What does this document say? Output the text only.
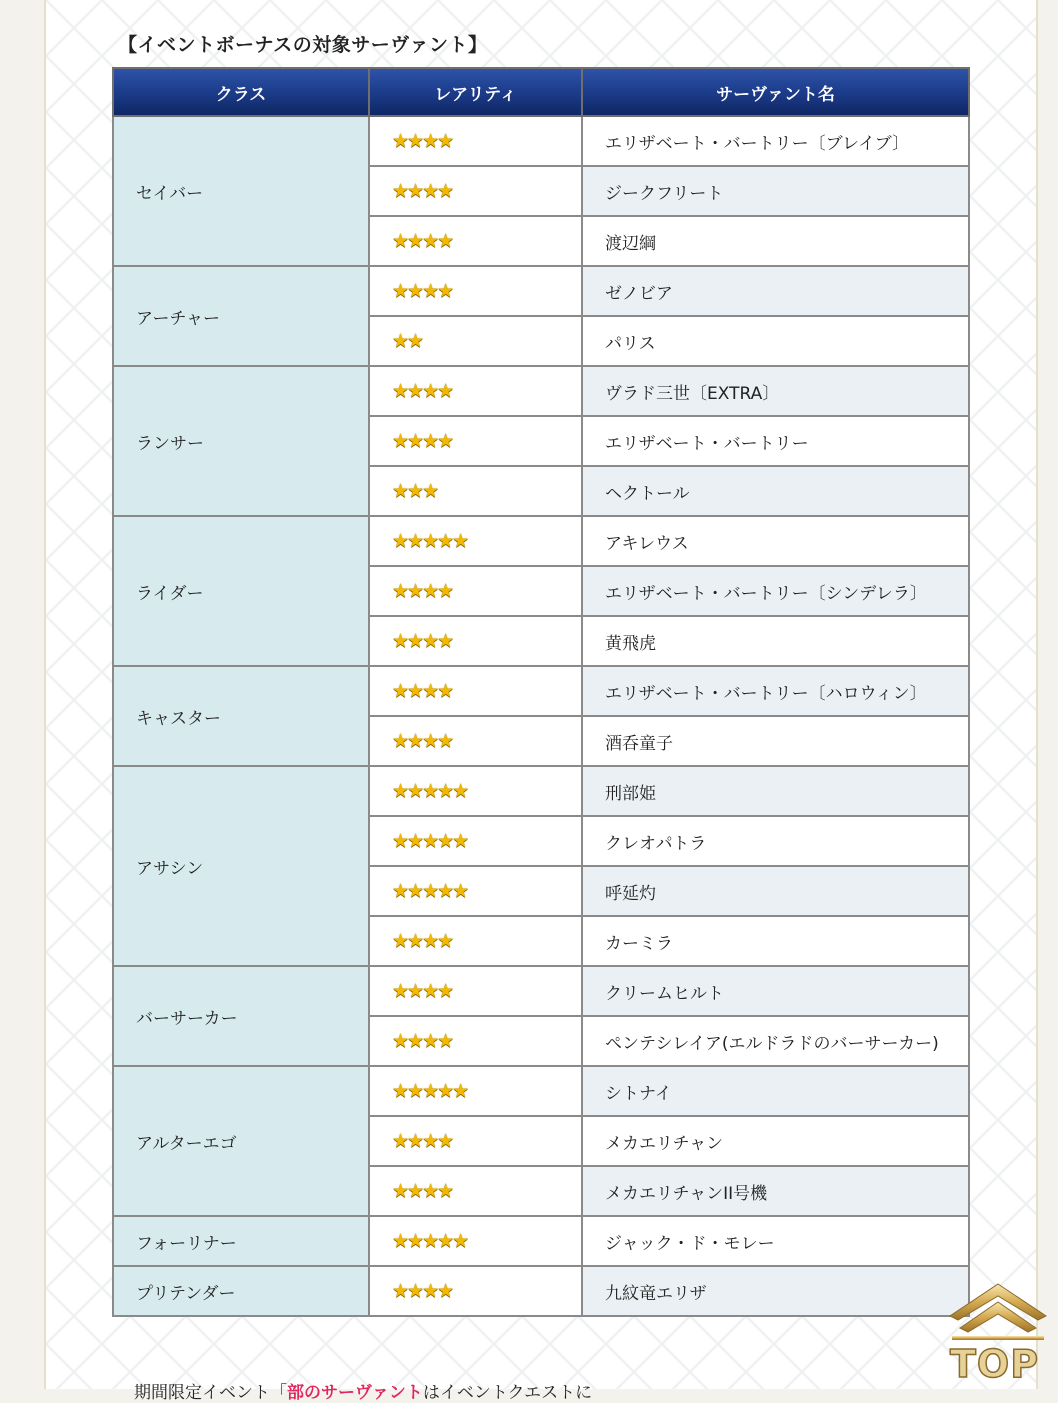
【イベントボーナスの対象サーヴァント】
クラス	レアリティ	サーヴァント名
セイバー	★★★★	エリザベート・バートリー〔ブレイブ〕
	★★★★	ジークフリート
	★★★★	渡辺綱
アーチャー	★★★★	ゼノビア
	★★	パリス
ランサー	★★★★	ヴラド三世〔EXTRA〕
	★★★★	エリザベート・バートリー
	★★★	ヘクトール
ライダー	★★★★★	アキレウス
	★★★★	エリザベート・バートリー〔シンデレラ〕
	★★★★	黄飛虎
キャスター	★★★★	エリザベート・バートリー〔ハロウィン〕
	★★★★	酒呑童子
アサシン	★★★★★	刑部姫
	★★★★★	クレオパトラ
	★★★★★	呼延灼
	★★★★	カーミラ
バーサーカー	★★★★	クリームヒルト
	★★★★	ペンテシレイア(エルドラドのバーサーカー)
アルターエゴ	★★★★★	シトナイ
	★★★★	メカエリチャン
	★★★★	メカエリチャンII号機
フォーリナー	★★★★★	ジャック・ド・モレー
プリテンダー	★★★★	九紋竜エリザ
期間限定イベント「部のサーヴァントはイベントクエストに
TOP
